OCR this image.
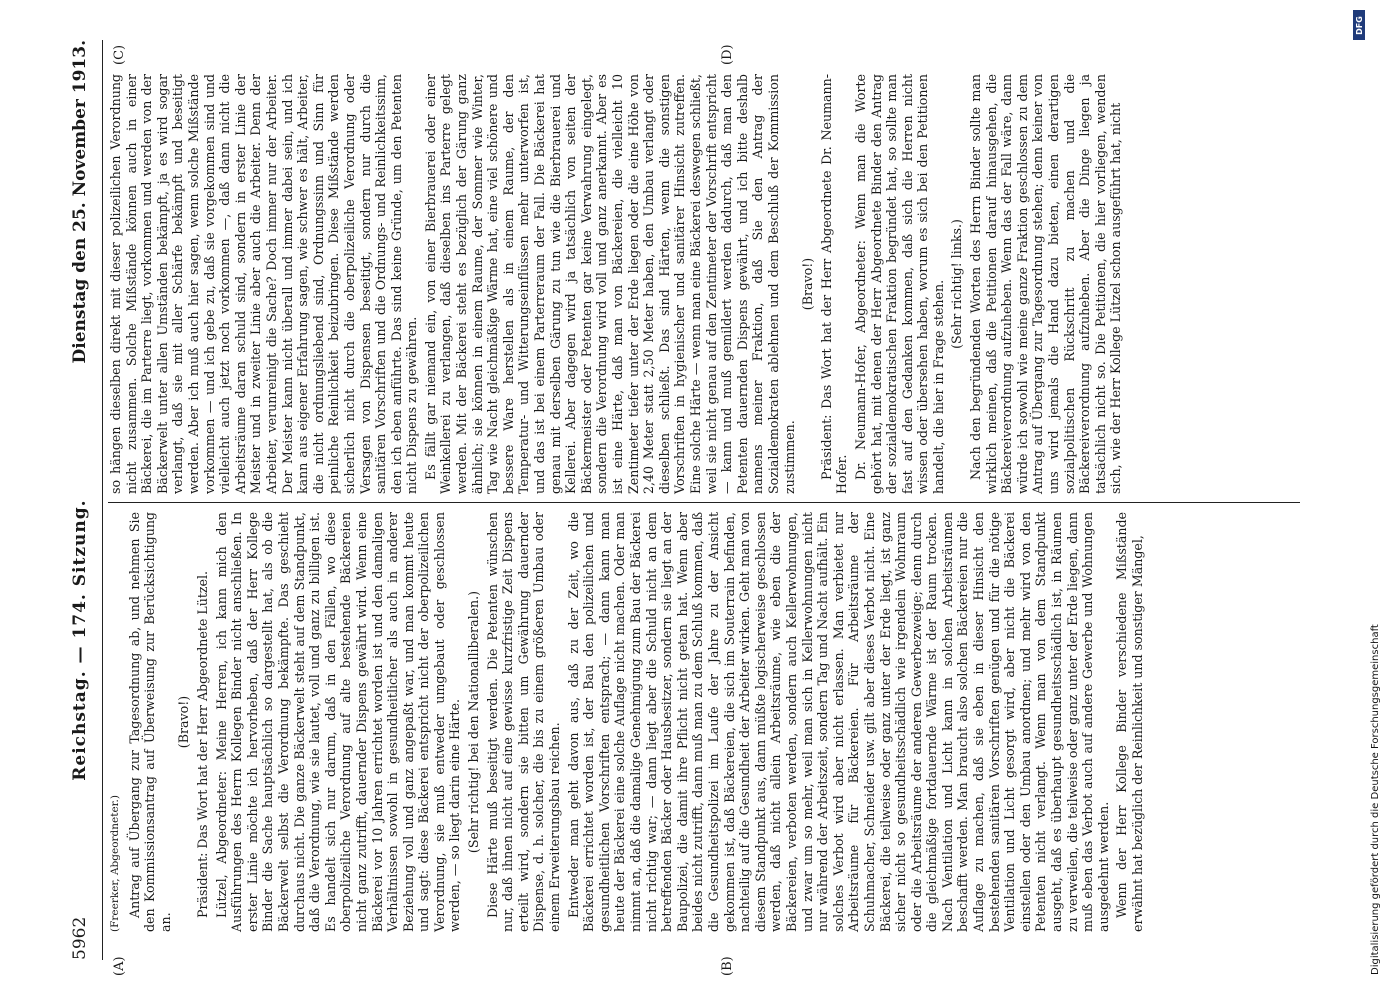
5962
Reichstag. — 174. Sitzung.
Dienstag den 25. November 1913.
(A)	(B)
(C)	(D)

(Freerker, Abgeordneter.) Antrag auf Übergang zur Tagesordnung ab, und nehmen Sie den Kommissionsantrag auf Überweisung zur Berücksichtigung an.

(Bravo!) Präsident: Das Wort hat der Herr Abgeordnete Lützel. Lützel, Abgeordneter: Meine Herren, ich kann mich den Ausführungen des Herrn Kollegen Binder nicht anschließen. In erster Linie möchte ich hervorheben, daß der Herr Kollege Binder die Sache hauptsächlich so dargestellt hat, als ob die Bäckerwelt selbst die Verordnung bekämpfte. Das geschieht durchaus nicht. Die ganze Bäckerwelt steht auf dem Standpunkt, daß die Verordnung, wie sie lautet, voll und ganz zu billigen ist. Es handelt sich nur darum, daß in den Fällen, wo diese oberpolizeiliche Verordnung auf alte bestehende Bäckereien nicht ganz zutrifft, dauernder Dispens gewährt wird. Wenn eine Bäckerei vor 10 Jahren errichtet worden ist und den damaligen Verhältnissen sowohl in gesundheitlicher als auch in anderer Beziehung voll und ganz angepaßt war, und man kommt heute und sagt: diese Bäckerei entspricht nicht der oberpolizeilichen Verordnung, sie muß entweder umgebaut oder geschlossen werden, — so liegt darin eine Härte. (Sehr richtig! bei den Nationalliberalen.) Diese Härte muß beseitigt werden. Die Petenten wünschen nur, daß ihnen nicht auf eine gewisse kurzfristige Zeit Dispens erteilt wird, sondern sie bitten um Gewährung dauernder Dispense, d. h. solcher, die bis zu einem größeren Umbau oder einem Erweiterungsbau reichen. Entweder man geht davon aus, daß zu der Zeit, wo die Bäckerei errichtet worden ist, der Bau den polizeilichen und gesundheitlichen Vorschriften entsprach; — dann kann man heute der Bäckerei eine solche Auflage nicht machen. Oder man nimmt an, daß die damalige Genehmigung zum Bau der Bäckerei nicht richtig war; — dann liegt aber die Schuld nicht an dem betreffenden Bäcker oder Hausbesitzer, sondern sie liegt an der Baupolizei, die damit ihre Pflicht nicht getan hat. Wenn aber beides nicht zutrifft, dann muß man zu dem Schluß kommen, daß die Gesundheitspolizei im Laufe der Jahre zu der Ansicht gekommen ist, daß Bäckereien, die sich im Souterrain befinden, nachteilig auf die Gesundheit der Arbeiter wirken. Geht man von diesem Standpunkt aus, dann müßte logischerweise geschlossen werden, daß nicht allein Arbeitsräume, wie eben die der Bäckereien, verboten werden, sondern auch Kellerwohnungen, und zwar um so mehr, weil man sich in Kellerwohnungen nicht nur während der Arbeitszeit, sondern Tag und Nacht aufhält. Ein solches Verbot wird aber nicht erlassen. Man verbietet nur Arbeitsräume für Bäckereien. Für Arbeitsräume der Schuhmacher, Schneider usw. gilt aber dieses Verbot nicht. Eine Bäckerei, die teilweise oder ganz unter der Erde liegt, ist ganz sicher nicht so gesundheitsschädlich wie irgendein Wohnraum oder die Arbeitsräume der anderen Gewerbezweige; denn durch die gleichmäßige fortdauernde Wärme ist der Raum trocken. Nach Ventilation und Licht kann in solchen Arbeitsräumen beschafft werden. Man braucht also solchen Bäckereien nur die Auflage zu machen, daß sie eben in dieser Hinsicht den bestehenden sanitären Vorschriften genügen und für die nötige Ventilation und Licht gesorgt wird, aber nicht die Bäckerei einstellen oder den Umbau anordnen; und mehr wird von den Petenten nicht verlangt. Wenn man von dem Standpunkt ausgeht, daß es überhaupt gesundheitsschädlich ist, in Räumen zu verweilen, die teilweise oder ganz unter der Erde liegen, dann muß eben das Verbot auch auf andere Gewerbe und Wohnungen ausgedehnt werden. Wenn der Herr Kollege Binder verschiedene Mißstände erwähnt hat bezüglich der Reinlichkeit und sonstiger Mängel,

so hängen dieselben direkt mit dieser polizeilichen Verordnung nicht zusammen. Solche Mißstände können auch in einer Bäckerei, die im Parterre liegt, vorkommen und werden von der Bäckerwelt unter allen Umständen bekämpft, ja es wird sogar verlangt, daß sie mit aller Schärfe bekämpft und beseitigt werden. Aber ich muß auch hier sagen, wenn solche Mißstände vorkommen — und ich gebe zu, daß sie vorgekommen sind und vielleicht auch jetzt noch vorkommen —, daß dann nicht die Arbeitsräume daran schuld sind, sondern in erster Linie der Meister und in zweiter Linie aber auch die Arbeiter. Denn der Arbeiter, verunreinigt die Sache? Doch immer nur der Arbeiter. Der Meister kann nicht überall und immer dabei sein, und ich kann aus eigener Erfahrung sagen, wie schwer es hält, Arbeiter, die nicht ordnungsliebend sind, Ordnungssinn und Sinn für peinliche Reinlichkeit beizubringen. Diese Mißstände werden sicherlich nicht durch die oberpolizeiliche Verordnung oder Versagen von Dispensen beseitigt, sondern nur durch die sanitären Vorschriften und die Ordnungs- und Reinlichkeitssinn, den ich eben anführte. Das sind keine Gründe, um den Petenten nicht Dispens zu gewähren. Es fällt gar niemand ein, von einer Bierbrauerei oder einer Weinkellerei zu verlangen, daß dieselben ins Parterre gelegt werden. Mit der Bäckerei steht es bezüglich der Gärung ganz ähnlich; sie können in einem Raume, der Sommer wie Winter, Tag wie Nacht gleichmäßige Wärme hat, eine viel schönere und bessere Ware herstellen als in einem Raume, der den Temperatur- und Witterungseinflüssen mehr unterworfen ist, und das ist bei einem Parterreraum der Fall. Die Bäckerei hat genau mit derselben Gärung zu tun wie die Bierbrauerei und Kellerei. Aber dagegen wird ja tatsächlich von seiten der Bäckermeister oder Petenten gar keine Verwahrung eingelegt, sondern die Verordnung wird voll und ganz anerkannt. Aber es ist eine Härte, daß man von Bäckereien, die vielleicht 10 Zentimeter tiefer unter der Erde liegen oder die eine Höhe von 2,40 Meter statt 2,50 Meter haben, den Umbau verlangt oder dieselben schließt. Das sind Härten, wenn die sonstigen Vorschriften in hygienischer und sanitärer Hinsicht zutreffen. Eine solche Härte — wenn man eine Bäckerei deswegen schließt, weil sie nicht genau auf den Zentimeter der Vorschrift entspricht — kann und muß gemildert werden dadurch, daß man den Petenten dauernden Dispens gewährt, und ich bitte deshalb namens meiner Fraktion, daß Sie den Antrag der Sozialdemokraten ablehnen und dem Beschluß der Kommission zustimmen.

(Bravo!) Präsident: Das Wort hat der Herr Abgeordnete Dr. Neumann-Hofer. Dr. Neumann-Hofer, Abgeordneter: Wenn man die Worte gehört hat, mit denen der Herr Abgeordnete Binder den Antrag der sozialdemokratischen Fraktion begründet hat, so sollte man fast auf den Gedanken kommen, daß sich die Herren nicht wissen oder übersehen haben, worum es sich bei den Petitionen handelt, die hier in Frage stehen. (Sehr richtig! links.) Nach den begründenden Worten des Herrn Binder sollte man wirklich meinen, daß die Petitionen darauf hinausgehen, die Bäckereiverordnung aufzuheben. Wenn das der Fall wäre, dann würde ich sowohl wie meine ganze Fraktion geschlossen zu dem Antrag auf Übergang zur Tagesordnung stehen; denn keiner von uns wird jemals die Hand dazu bieten, einen derartigen sozialpolitischen Rückschritt zu machen und die Bäckereiverordnung aufzuheben. Aber die Dinge liegen ja tatsächlich nicht so. Die Petitionen, die hier vorliegen, wenden sich, wie der Herr Kollege Lützel schon ausgeführt hat, nicht

DFG
Digitalisierung gefördert durch die Deutsche Forschungsgemeinschaft
